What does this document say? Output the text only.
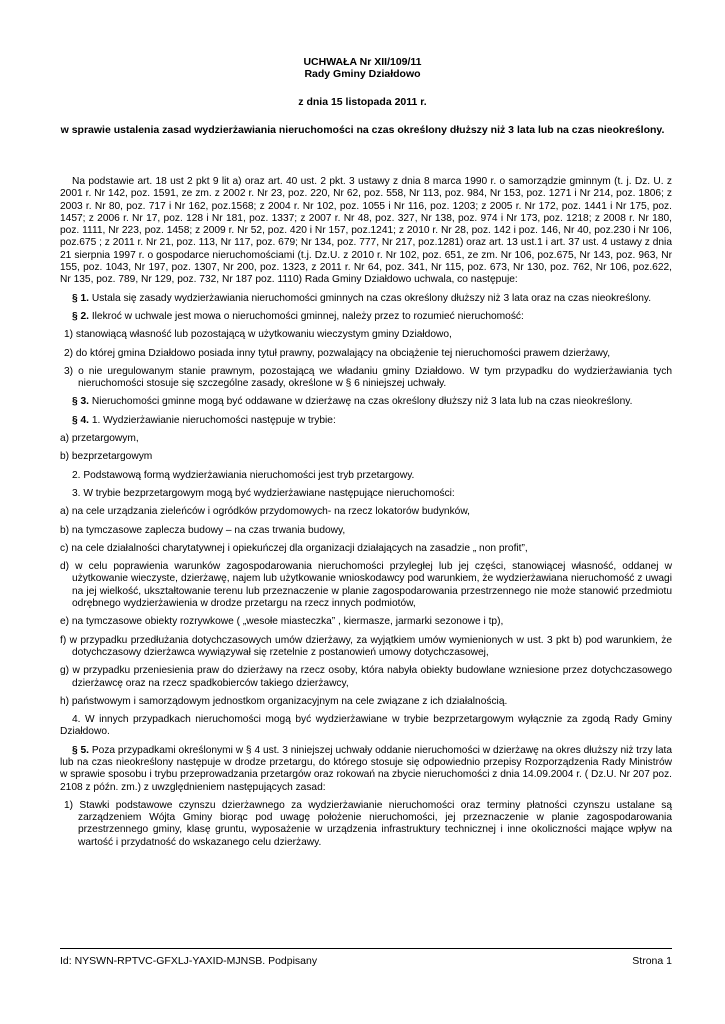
UCHWAŁA Nr XII/109/11
Rady Gminy Działdowo
z dnia 15 listopada 2011 r.
w sprawie ustalenia zasad wydzierżawiania nieruchomości na czas określony dłuższy niż 3 lata lub na czas nieokreślony.

Na podstawie art. 18 ust 2 pkt 9 lit a) oraz art. 40 ust. 2 pkt. 3 ustawy z dnia 8 marca 1990 r. o samorządzie gminnym (t. j. Dz. U. z 2001 r. Nr 142, poz. 1591, ze zm. z 2002 r. Nr 23, poz. 220, Nr 62, poz. 558, Nr 113, poz. 984, Nr 153, poz. 1271 i Nr 214, poz. 1806; z 2003 r. Nr 80, poz. 717 i Nr 162, poz.1568; z 2004 r. Nr 102, poz. 1055 i Nr 116, poz. 1203; z 2005 r. Nr 172, poz. 1441 i Nr 175, poz. 1457; z 2006 r. Nr 17, poz. 128 i Nr 181, poz. 1337; z 2007 r. Nr 48, poz. 327, Nr 138, poz. 974 i Nr 173, poz. 1218; z 2008 r. Nr 180, poz. 1111, Nr 223, poz. 1458; z 2009 r. Nr 52, poz. 420 i Nr 157, poz.1241; z 2010 r. Nr 28, poz. 142 i poz. 146, Nr 40, poz.230 i Nr 106, poz.675 ; z 2011 r. Nr 21, poz. 113, Nr 117, poz. 679; Nr 134, poz. 777, Nr 217, poz.1281) oraz art. 13 ust.1 i art. 37 ust. 4 ustawy z dnia 21 sierpnia 1997 r. o gospodarce nieruchomościami (t.j. Dz.U. z 2010 r. Nr 102, poz. 651, ze zm. Nr 106, poz.675, Nr 143, poz. 963, Nr 155, poz. 1043, Nr 197, poz. 1307, Nr 200, poz. 1323, z 2011 r. Nr 64, poz. 341, Nr 115, poz. 673, Nr 130, poz. 762, Nr 106, poz.622, Nr 135, poz. 789, Nr 129, poz. 732, Nr 187 poz. 1110) Rada Gminy Działdowo uchwala, co następuje:

§ 1. Ustala się zasady wydzierżawiania nieruchomości gminnych na czas określony dłuższy niż 3 lata oraz na czas nieokreślony.

§ 2. Ilekroć w uchwale jest mowa o nieruchomości gminnej, należy przez to rozumieć nieruchomość:

1) stanowiącą własność lub pozostającą w użytkowaniu wieczystym gminy Działdowo,

2) do której gmina Działdowo posiada inny tytuł prawny, pozwalający na obciążenie tej nieruchomości prawem dzierżawy,

3) o nie uregulowanym stanie prawnym, pozostającą we władaniu gminy Działdowo. W tym przypadku do wydzierżawiania tych nieruchomości stosuje się szczególne zasady, określone w § 6 niniejszej uchwały.

§ 3. Nieruchomości gminne mogą być oddawane w dzierżawę na czas określony dłuższy niż 3 lata lub na czas nieokreślony.

§ 4. 1. Wydzierżawianie nieruchomości następuje w trybie:

a) przetargowym,

b) bezprzetargowym

2. Podstawową formą wydzierżawiania nieruchomości jest tryb przetargowy.

3. W trybie bezprzetargowym mogą być wydzierżawiane następujące nieruchomości:

a) na cele urządzania zieleńców i ogródków przydomowych- na rzecz lokatorów budynków,

b) na tymczasowe zaplecza budowy – na czas trwania budowy,

c) na cele działalności charytatywnej i opiekuńczej dla organizacji działających na zasadzie „ non profit”,

d) w celu poprawienia warunków zagospodarowania nieruchomości przyległej lub jej części, stanowiącej własność, oddanej w użytkowanie wieczyste, dzierżawę, najem lub użytkowanie wnioskodawcy pod warunkiem, że wydzierżawiana nieruchomość z uwagi na jej wielkość, ukształtowanie terenu lub przeznaczenie w planie zagospodarowania przestrzennego nie może stanowić przedmiotu odrębnego wydzierżawienia w drodze przetargu na rzecz innych podmiotów,

e) na tymczasowe obiekty rozrywkowe ( „wesołe miasteczka” , kiermasze, jarmarki sezonowe i tp),

f) w przypadku przedłużania dotychczasowych umów dzierżawy, za wyjątkiem umów wymienionych w ust. 3 pkt b) pod warunkiem, że dotychczasowy dzierżawca wywiązywał się rzetelnie z postanowień umowy dotychczasowej,

g) w przypadku przeniesienia praw do dzierżawy na rzecz osoby, która nabyła obiekty budowlane wzniesione przez dotychczasowego dzierżawcę oraz na rzecz spadkobierców takiego dzierżawcy,

h) państwowym i samorządowym jednostkom organizacyjnym na cele związane z ich działalnością.

4. W innych przypadkach nieruchomości mogą być wydzierżawiane w trybie bezprzetargowym wyłącznie za zgodą Rady Gminy Działdowo.

§ 5. Poza przypadkami określonymi w § 4 ust. 3 niniejszej uchwały oddanie nieruchomości w dzierżawę na okres dłuższy niż trzy lata lub na czas nieokreślony następuje w drodze przetargu, do którego stosuje się odpowiednio przepisy Rozporządzenia Rady Ministrów w sprawie sposobu i trybu przeprowadzania przetargów oraz rokowań na zbycie nieruchomości z dnia 14.09.2004 r. ( Dz.U. Nr 207 poz. 2108 z późn. zm.) z uwzględnieniem następujących zasad:

1) Stawki podstawowe czynszu dzierżawnego za wydzierżawianie nieruchomości oraz terminy płatności czynszu ustalane są zarządzeniem Wójta Gminy biorąc pod uwagę położenie nieruchomości, jej przeznaczenie w planie zagospodarowania przestrzennego gminy, klasę gruntu, wyposażenie w urządzenia infrastruktury technicznej i inne okoliczności mające wpływ na wartość i przydatność do wskazanego celu dzierżawy.

Id: NYSWN-RPTVC-GFXLJ-YAXID-MJNSB. Podpisany	Strona 1
